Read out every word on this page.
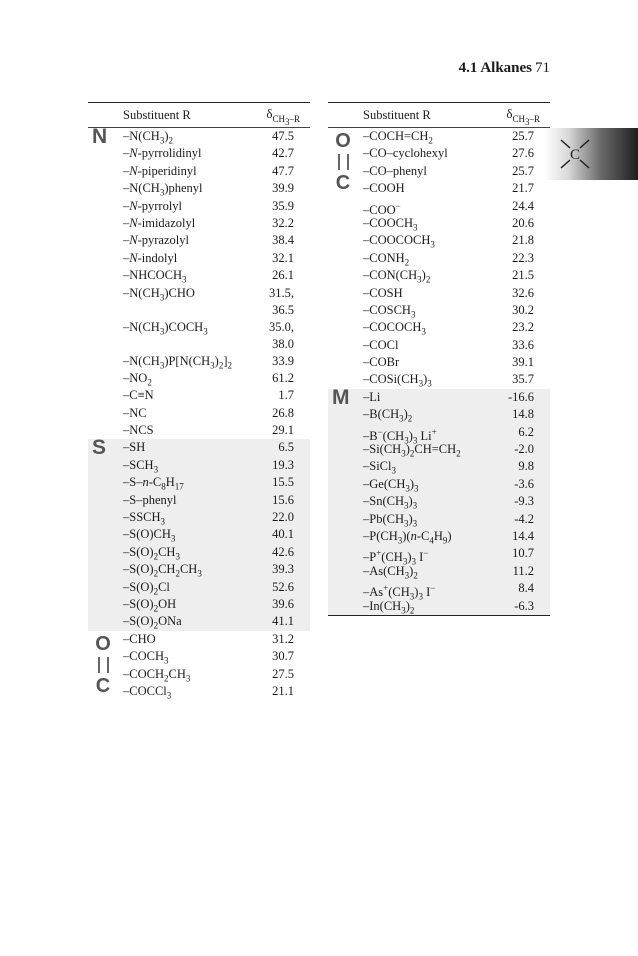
4.1 Alkanes 71
C
Substituent R	$\delta_{CH_3-R}$
N $-N(CH_3)_2$	47.5
–N-pyrrolidinyl	42.7
–N-piperidinyl	47.7
$-N(CH_3)phenyl$	39.9
–N-pyrrolyl	35.9
–N-imidazolyl	32.2
–N-pyrazolyl	38.4
–N-indolyl	32.1
$-NHCOCH_3$	26.1
$-N(CH_3)CHO$	31.5,
36.5
$-N(CH_3)COCH_3$	35.0,
38.0
$-N(CH_3)P[N(CH_3)_2]_2$	33.9
$-NO_2$	61.2
–C≡N	1.7
–NC	26.8
–NCS	29.1
S –SH	6.5
$-SCH_3$	19.3
$-S-n-C_8H_{17}$	15.5
–S–phenyl	15.6
$-SSCH_3$	22.0
$-S(O)CH_3$	40.1
$-S(O)_2CH_3$	42.6
$-S(O)_2CH_2CH_3$	39.3
$-S(O)_2Cl$	52.6
$-S(O)_2OH$	39.6
$-S(O)_2ONa$	41.1
O
C
–CHO	31.2
$-COCH_3$	30.7
$-COCH_2CH_3$	27.5
–COCCl$_3$	21.1
Substituent R	$\delta_{CH_3-R}$
O
C
$-COCH=CH_2$	25.7
–CO–cyclohexyl	27.6
–CO–phenyl	25.7
–COOH	21.7
–COO−	24.4
$-COOCH_3$	20.6
$-COOCOCH_3$	21.8
$-CONH_2$	22.3
$-CON(CH_3)_2$	21.5
–COSH	32.6
$-COSCH_3$	30.2
$-COCOCH_3$	23.2
–COCl	33.6
–COBr	39.1
$-COSi(CH_3)_3$	35.7
M –Li	-16.6
$-B(CH_3)_2$	14.8
$-B^-(CH_3)_3$ Li+	6.2
$-Si(CH_3)_2CH=CH_2$	-2.0
–SiCl$_3$	9.8
$-Ge(CH_3)_3$	-3.6
$-Sn(CH_3)_3$	-9.3
$-Pb(CH_3)_3$	-4.2
$-P(CH_3)(n-C_4H_9)$	14.4
$-P^+(CH_3)_3$ I−	10.7
$-As(CH_3)_2$	11.2
$-As^+(CH_3)_3$ I−	8.4
$-In(CH_3)_2$	-6.3
